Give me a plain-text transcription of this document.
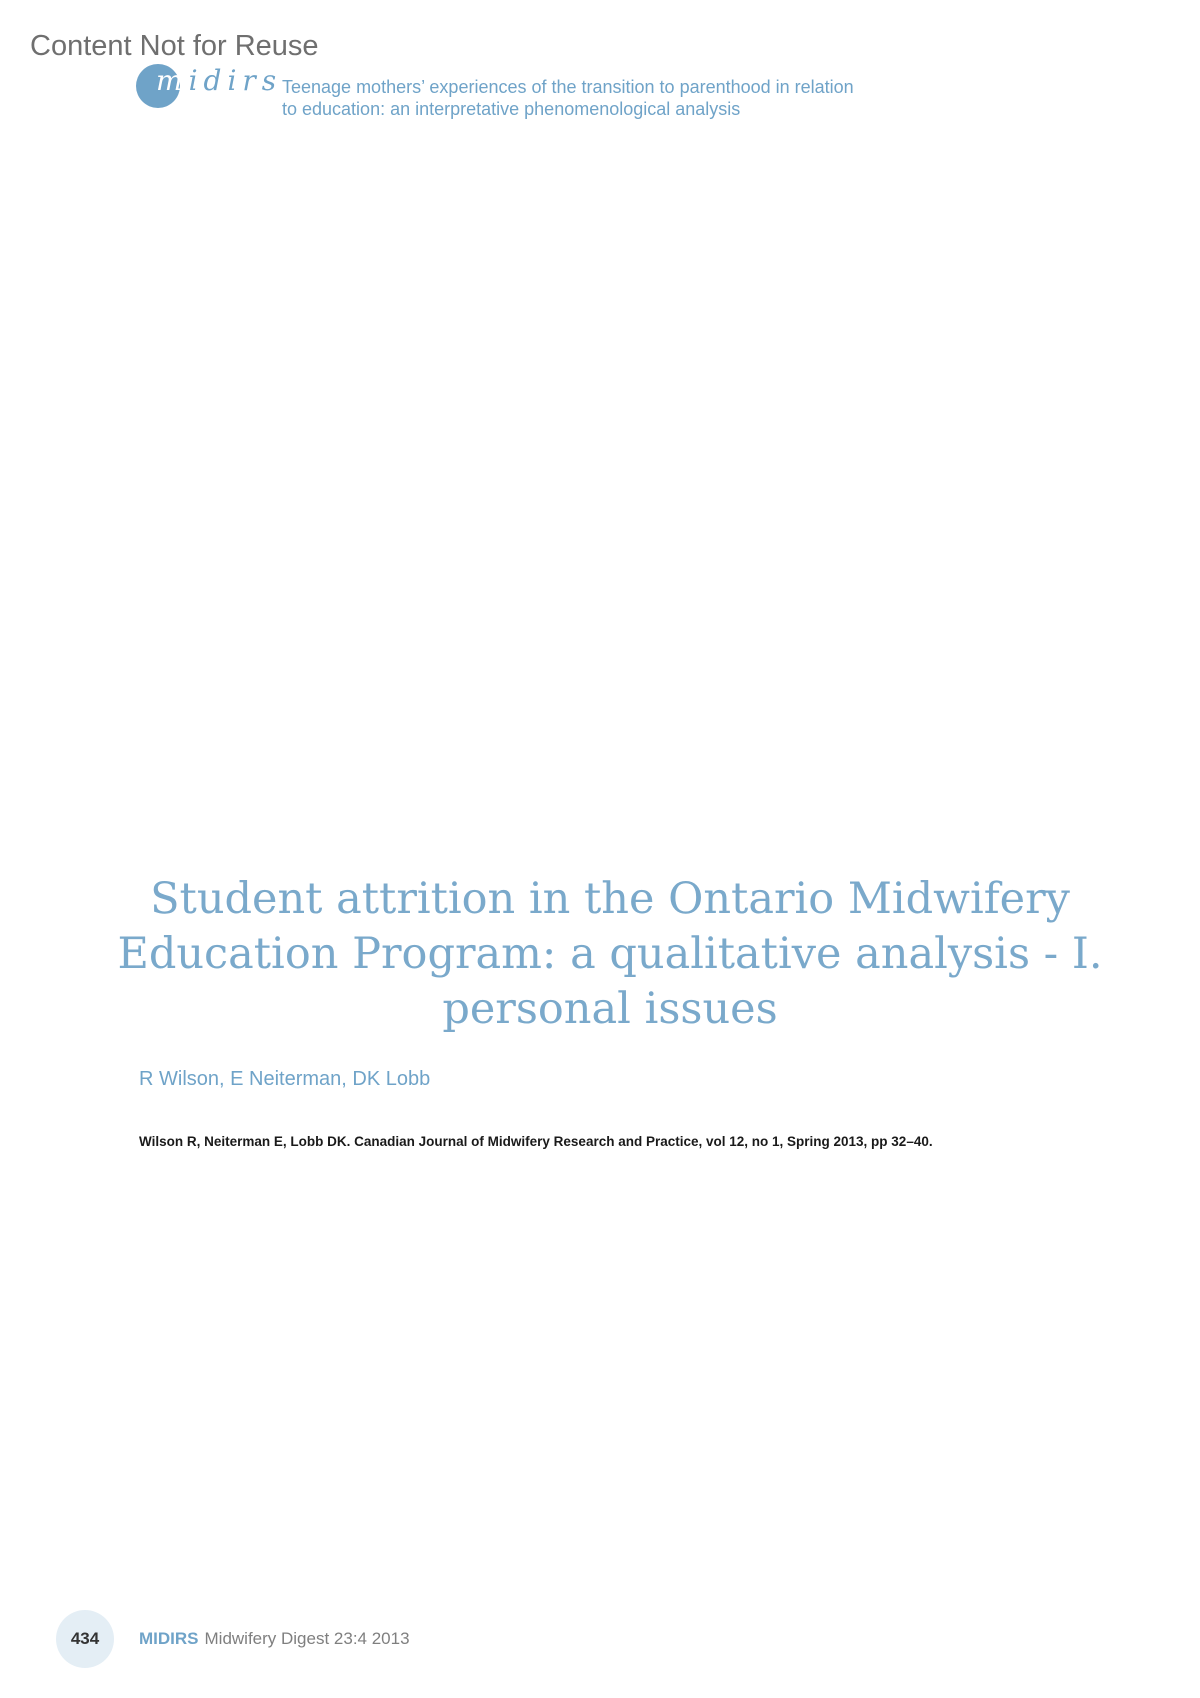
Content Not for Reuse
midirs Teenage mothers’ experiences of the transition to parenthood in relation
to education: an interpretative phenomenological analysis
Student attrition in the Ontario Midwifery
Education Program: a qualitative analysis - I.
personal issues
R Wilson, E Neiterman, DK Lobb
Wilson R, Neiterman E, Lobb DK. Canadian Journal of Midwifery Research and Practice, vol 12, no 1, Spring 2013, pp 32–40.
434	MIDIRS Midwifery Digest 23:4 2013
